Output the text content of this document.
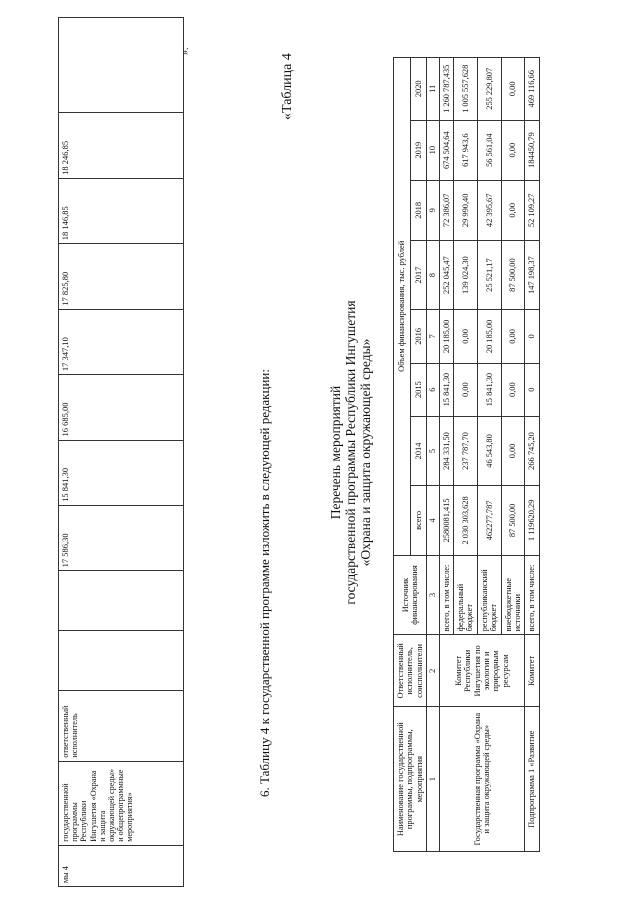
мы 4	государственной программы Республики Ингушетия «Охрана и защита окружающей среды» и общепрограммные мероприятия»	ответственный исполнитель			17 586,30	15 841,30	16 685,00	17 347,10	17 825,80	18 146,85	18 246,85	
».
6. Таблицу 4 к государственной программе изложить в следующей редакции:
«Таблица 4
Перечень мероприятий государственной программы Республики Ингушетия «Охрана и защита окружающей среды»
Наименование государственной программы, подпрограммы, мероприятия	Ответственный исполнитель, соисполнители	Источник финансирования	Объем финансирования, тыс. рублей							
			всего	2014	2015	2016	2017	2018	2019	2020
1	2	3	4	5	6	7	8	9	10	11
Государственная программа «Охрана и защита окружающей среды»	Комитет Республики Ингушетия по экологии и природным ресурсам	всего, в том числе:	2580081,415	284 331,50	15 841,30	20 185,00	252 045,47	72 386,07	674 504,64	1 260 787,435
		федеральный бюджет	2 030 303,628	237 787,70	0,00	0,00	139 024,30	29 990,40	617 943,6	1 005 557,628
		республиканский бюджет	462277,787	46 543,80	15 841,30	20 185,00	25 521,17	42 395,67	56 561,04	255 229,807
		внебюджетные источники	87 500,00	0,00	0,00	0,00	87 500,00	0,00	0,00	0,00
Подпрограмма 1 «Развитие	Комитет	всего, в том числе:	1 119620,29	266 745,20	0	0	147 198,37	52 109,27	184450,79	469 116,66
